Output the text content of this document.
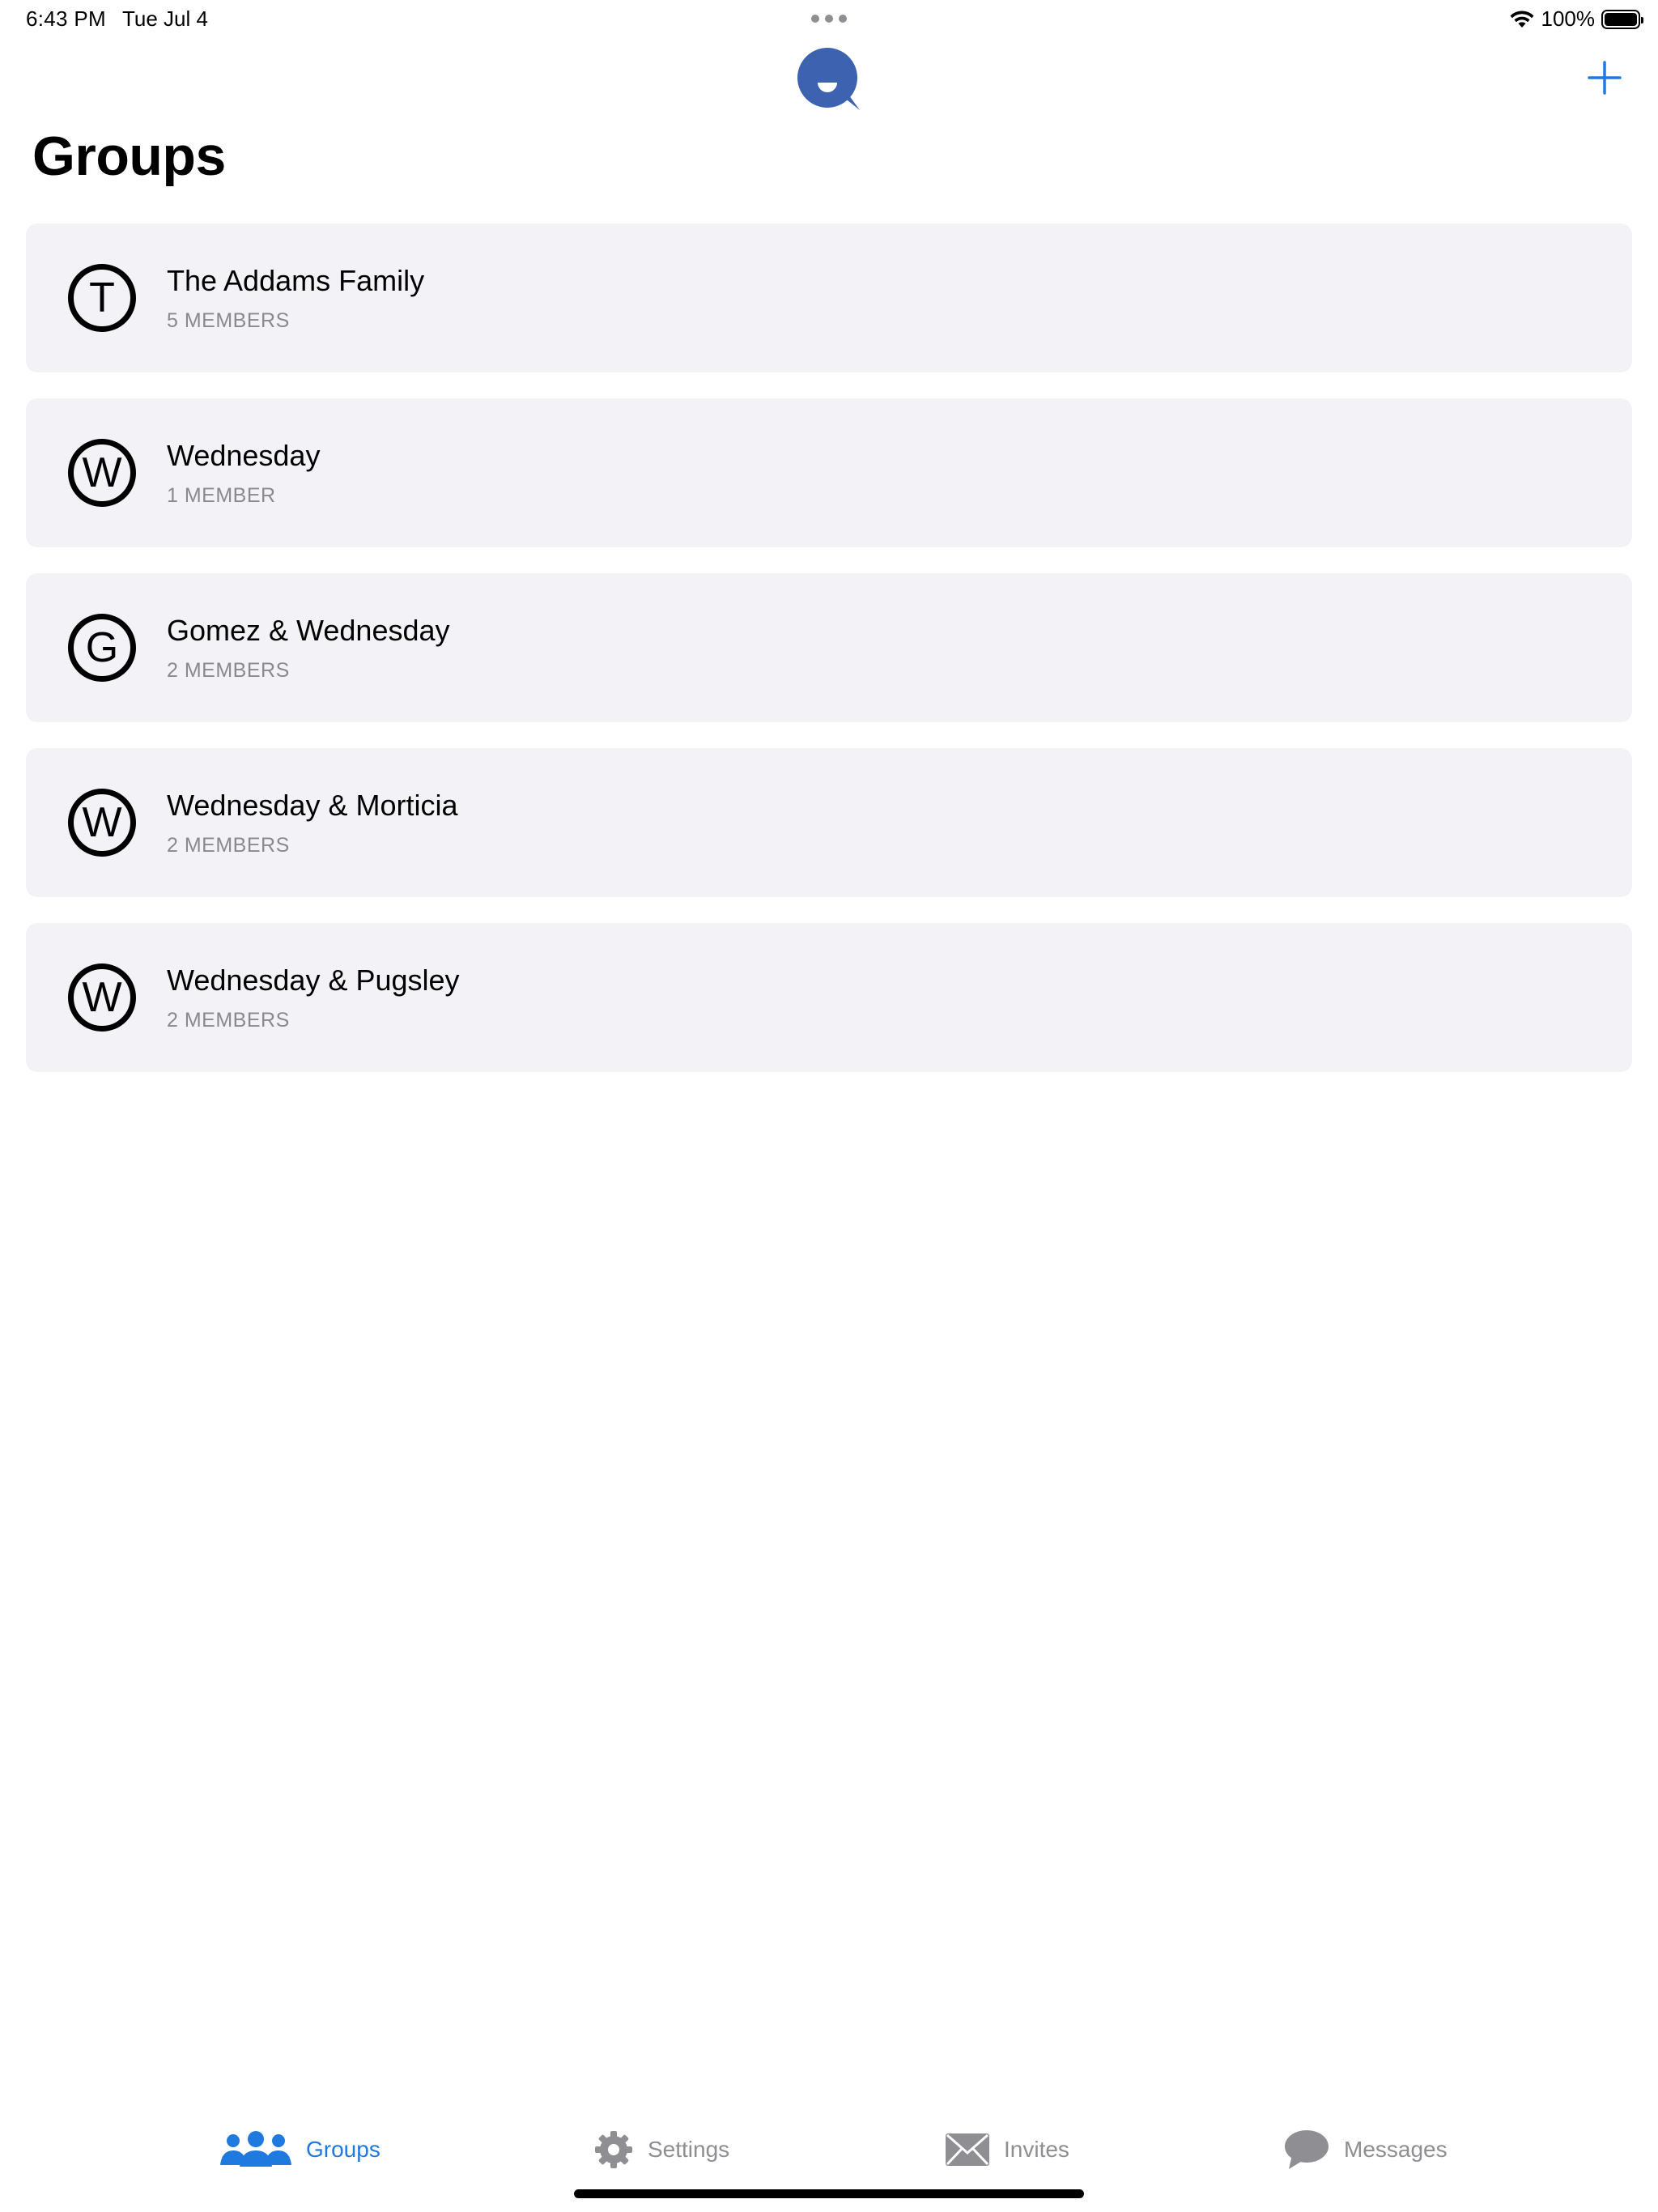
6:43 PM Tue Jul 4	100%
Groups
T	The Addams Family
5 MEMBERS
W	Wednesday
1 MEMBER
G	Gomez & Wednesday
2 MEMBERS
W	Wednesday & Morticia
2 MEMBERS
W	Wednesday & Pugsley
2 MEMBERS
Groups	Settings	Invites	Messages
